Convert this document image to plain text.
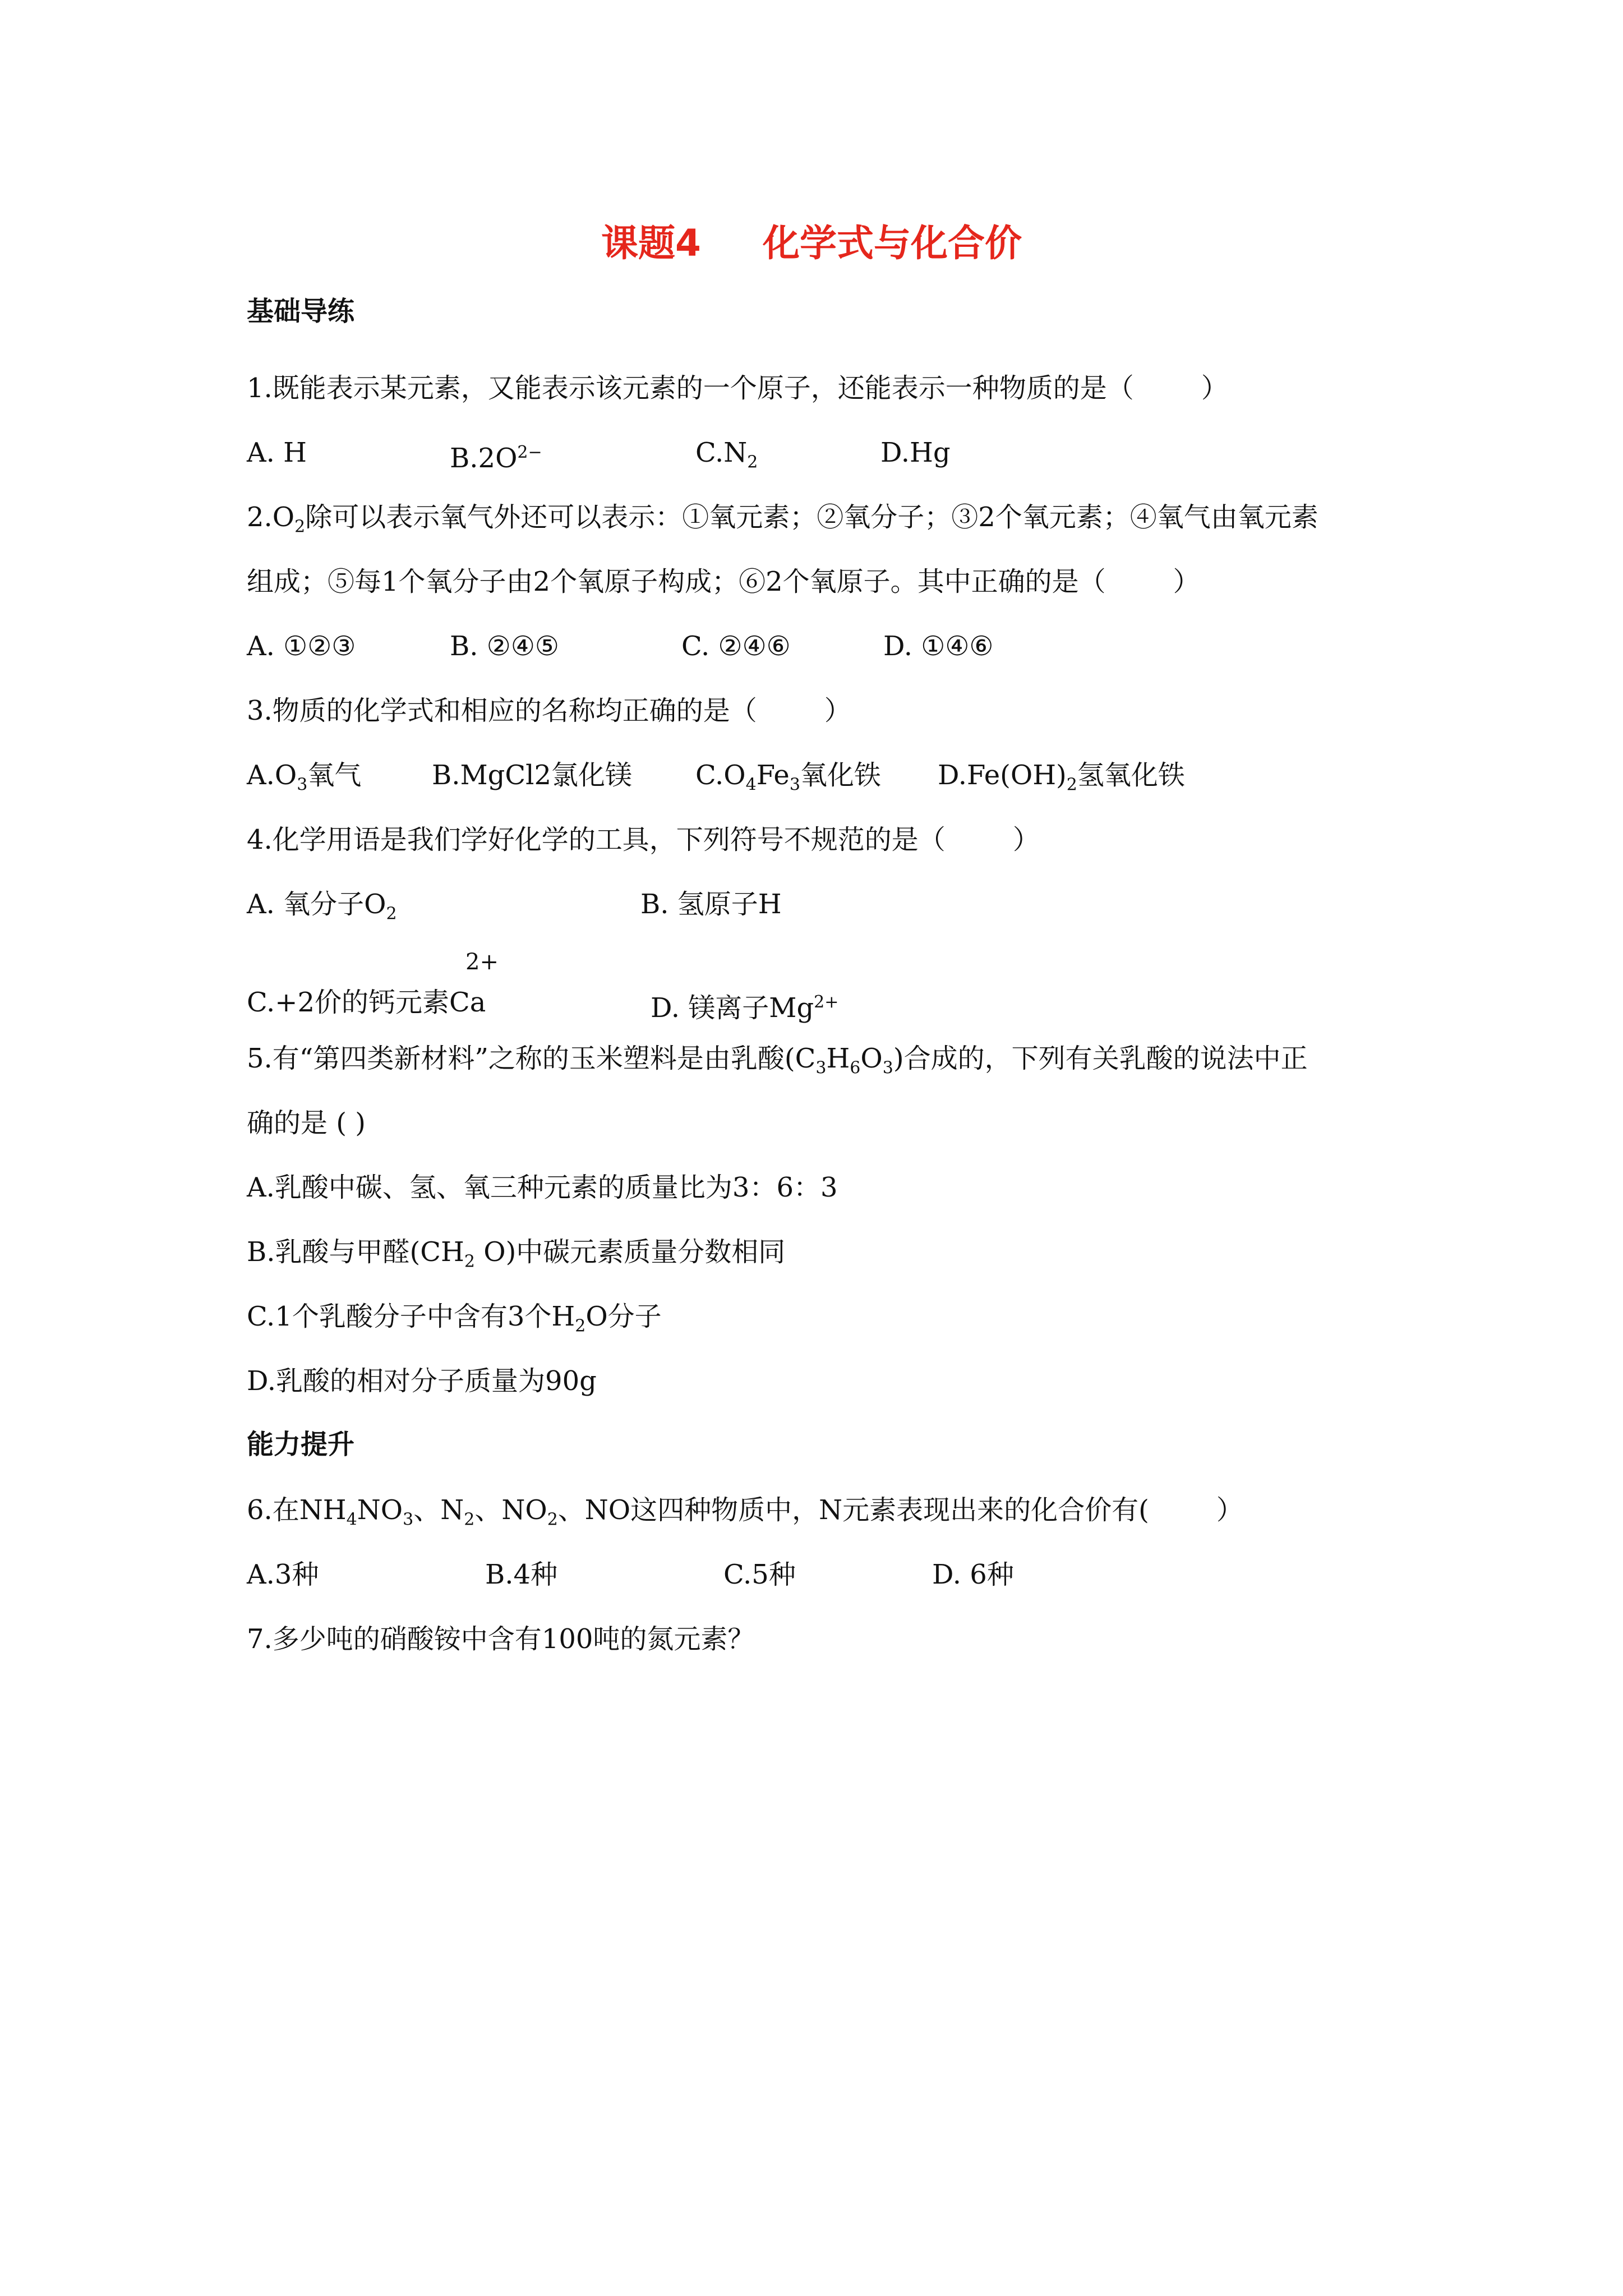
课题4 化学式与化合价
基础导练
1.既能表示某元素，又能表示该元素的一个原子，还能表示一种物质的是（	）
A. H	$B.2O^{2-}$	$C.N_2$	D.Hg
$2.O_2$除可以表示氧气外还可以表示：①氧元素；②氧分子；③2个氧元素；④氧气由氧元素
组成；⑤每1个氧分子由2个氧原子构成；⑥2个氧原子。其中正确的是（	）
A. ①②③	B. ②④⑤	C. ②④⑥	D. ①④⑥
3.物质的化学式和相应的名称均正确的是（	）
$A.O_3$氧气	B.MgCl2氯化镁 $C.O_4Fe_3$氧化铁 $D.Fe(OH)_2$氢氧化铁
4.化学用语是我们学好化学的工具，下列符号不规范的是（	）
A. 氧分子$O_2$	B. 氢原子H
2+
C.+2价的钙元素Ca	D. 镁离子$Mg^{2+}$
5.有“第四类新材料”之称的玉米塑料是由乳酸$(C_3H_6O_3)$合成的，下列有关乳酸的说法中正
确的是 ( )
A.乳酸中碳、氢、氧三种元素的质量比为3：6：3
B.乳酸与甲醛($CH_2$ O)中碳元素质量分数相同
C.1个乳酸分子中含有3个$H_2O$分子
D.乳酸的相对分子质量为90g
能力提升
6.在$NH_4NO_3$、$N_2$、$NO_2$、NO这四种物质中，N元素表现出来的化合价有(	）
A.3种	B.4种	C.5种	D. 6种
7.多少吨的硝酸铵中含有100吨的氮元素？
